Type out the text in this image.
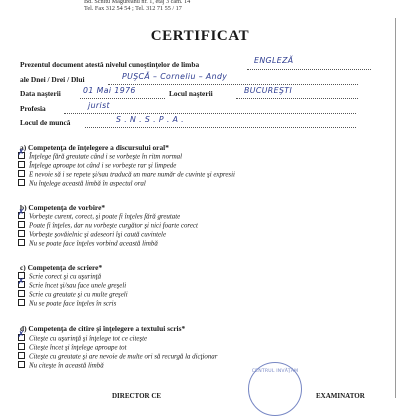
Bd. Schitu Măgureanu nr. 1, etaj 3 cam. 14
Tel. Fax 312 54 54 ; Tel. 312 71 55 / 17
CERTIFICAT
Prezentul document atestă nivelul cunoştinţelor de limba	ENGLEZĂ
ale Dnei / Drei / Dlui	PUŞCĂ – Corneliu – Andy
Data naşterii	01 Mai 1976	Locul naşterii	BUCUREŞTI
Profesia	jurist
Locul de muncă	S . N . S . P . A .
a) Competenţa de înţelegere a discursului oral*
✗ Înţelege fără greutate când i se vorbeşte în ritm normal
Înţelege aproape tot când i se vorbeşte rar şi limpede
E nevoie să i se repete şi/sau traducă un mare număr de cuvinte şi expresii
Nu înţelege această limbă în aspectul oral
b) Competenţa de vorbire*
✗ Vorbeşte curent, corect, şi poate fi înţeles fără greutate
Poate fi înţeles, dar nu vorbeşte curgător şi nici foarte corect
Vorbeşte şovăielnic şi adeseori îşi caută cuvintele
Nu se poate face înţeles vorbind această limbă
c) Competenţa de scriere*
Scrie corect şi cu uşurinţă
✗ Scrie încet şi/sau face unele greşeli
Scrie cu greutate şi cu multe greşeli
Nu se poate face înţeles în scris
d) Competenţa de citire şi înţelegere a textului scris*
✗ Citeşte cu uşurinţă şi înţelege tot ce citeşte
Citeşte încet şi înţelege aproape tot
Citeşte cu greutate şi are nevoie de multe ori să recurgă la dicţionar
Nu citeşte în această limbă
CENTRUL INVĂŢĂM
DIRECTOR CE	EXAMINATOR
